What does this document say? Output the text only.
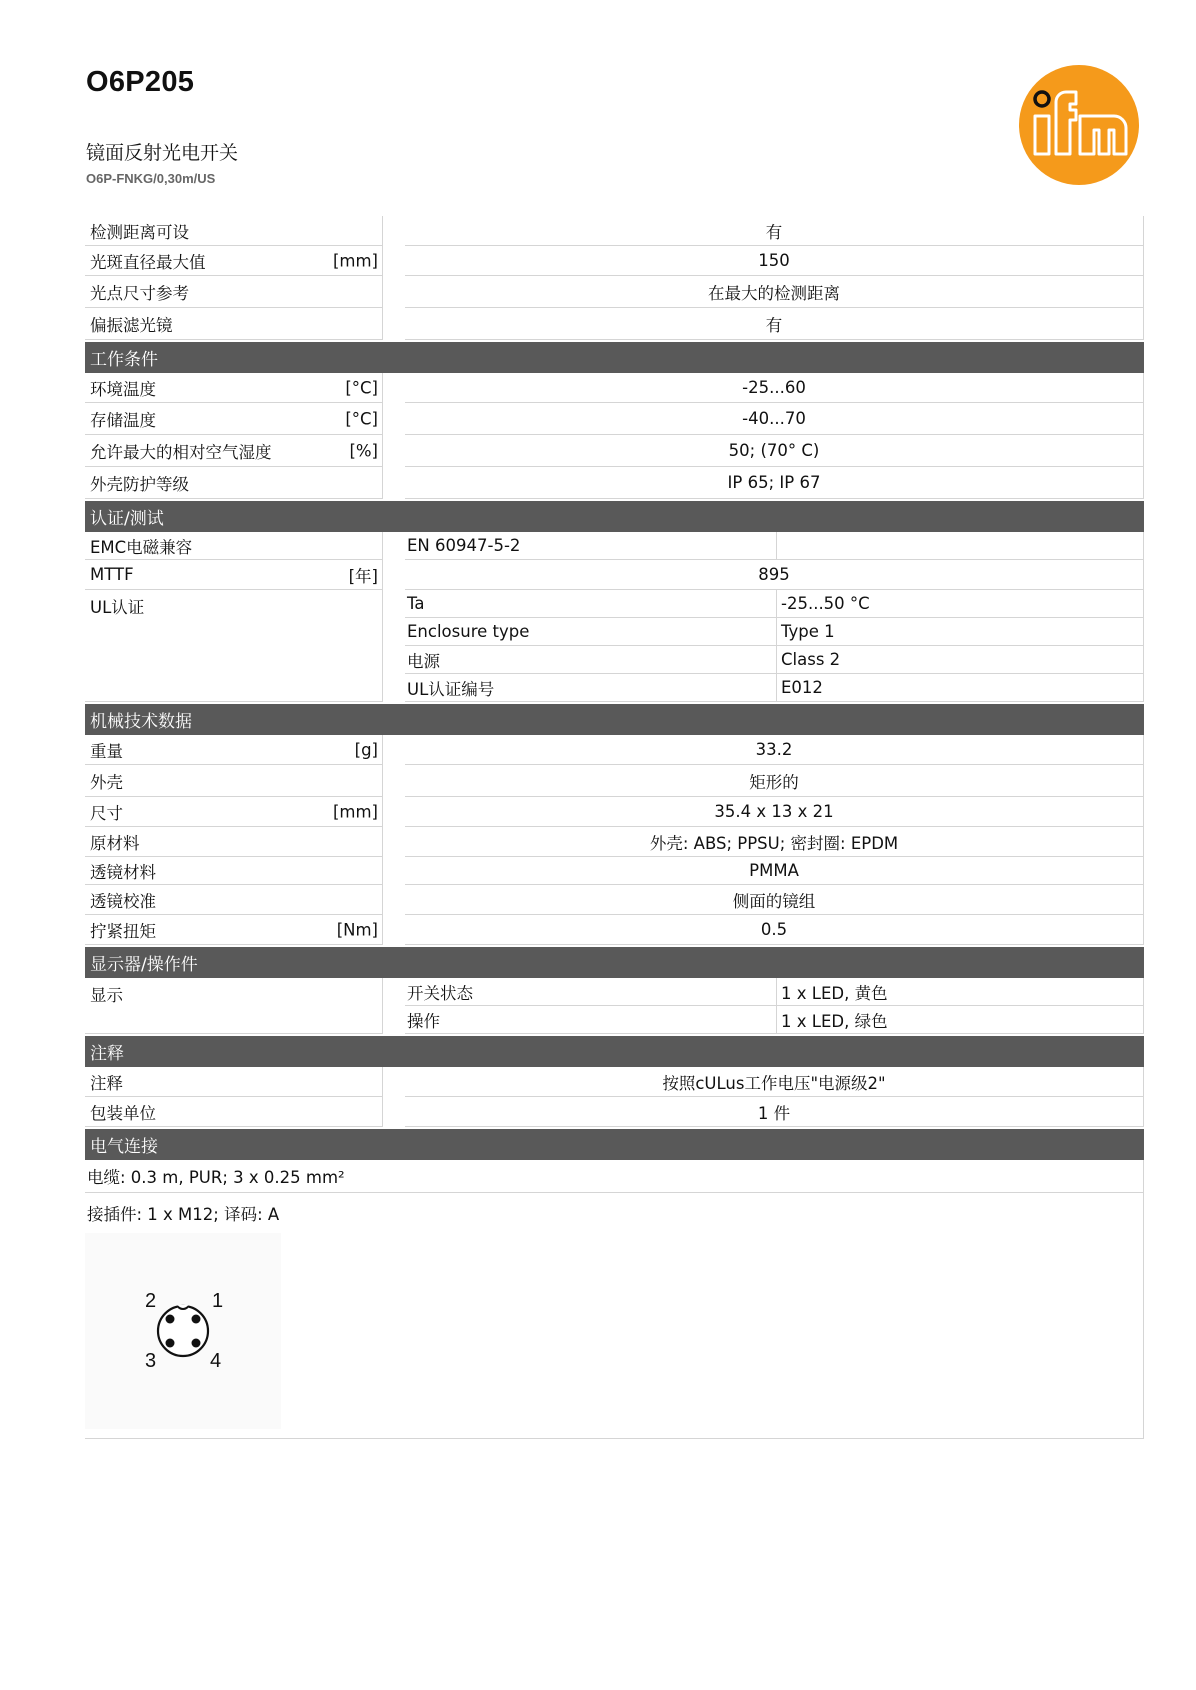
O6P205
镜面反射光电开关
O6P-FNKG/0,30m/US
ifm
检测距离可设	有
光斑直径最大值	[mm]	150
光点尺寸参考	在最大的检测距离
偏振滤光镜	有
工作条件
环境温度	[°C]	-25...60
存储温度	[°C]	-40...70
允许最大的相对空气湿度	[%]	50; (70° C)
外壳防护等级	IP 65; IP 67
认证/测试
EMC电磁兼容	EN 60947-5-2
MTTF	[年]	895
UL认证	Ta	-25...50 °C
Enclosure type	Type 1
电源	Class 2
UL认证编号	E012
机械技术数据
重量	[g]	33.2
外壳	矩形的
尺寸	[mm]	35.4 x 13 x 21
原材料	外壳: ABS; PPSU; 密封圈: EPDM
透镜材料	PMMA
透镜校准	侧面的镜组
拧紧扭矩	[Nm]	0.5
显示器/操作件
显示	开关状态	1 x LED, 黄色
操作	1 x LED, 绿色
注释
注释	按照cULus工作电压"电源级2"
包装单位	1 件
电气连接
电缆: 0.3 m, PUR; 3 x 0.25 mm²
接插件: 1 x M12; 译码: A
1
2
3	4
